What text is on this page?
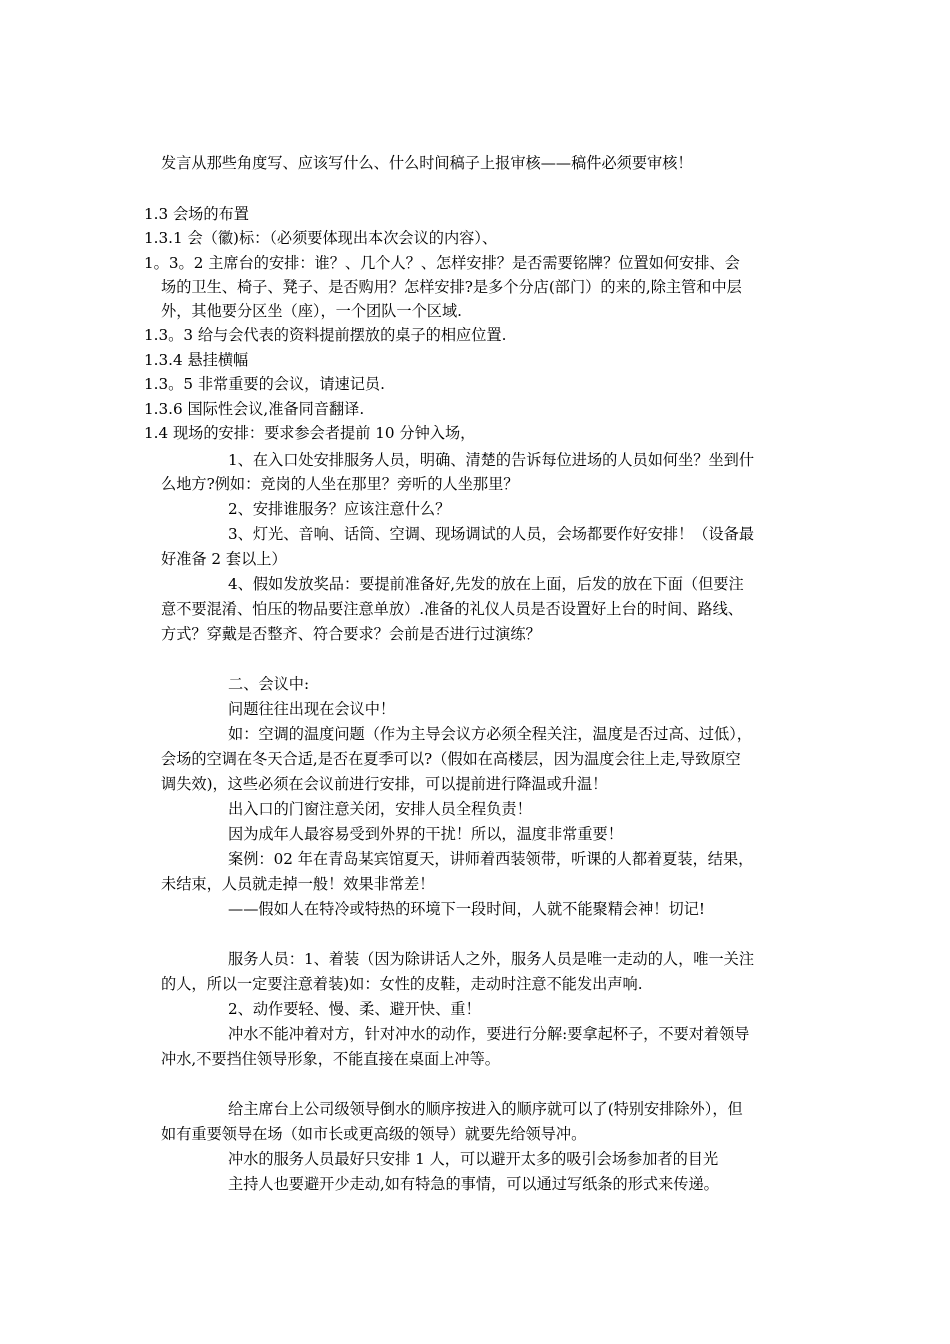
发言从那些角度写、应该写什么、什么时间稿子上报审核——稿件必须要审核！
1.3 会场的布置
1.3.1 会（徽)标：（必须要体现出本次会议的内容）、
1。3。2 主席台的安排：谁？、几个人？、怎样安排？是否需要铭牌？位置如何安排、会
场的卫生、椅子、凳子、是否购用？怎样安排?是多个分店(部门）的来的,除主管和中层
外，其他要分区坐（座），一个团队一个区域.
1.3。3 给与会代表的资料提前摆放的桌子的相应位置.
1.3.4 悬挂横幅
1.3。5 非常重要的会议，请速记员.
1.3.6 国际性会议,准备同音翻译.
1.4 现场的安排：要求参会者提前 10 分钟入场，
1、在入口处安排服务人员，明确、清楚的告诉每位进场的人员如何坐？坐到什
么地方?例如：竞岗的人坐在那里？旁听的人坐那里？
2、安排谁服务？应该注意什么？
3、灯光、音响、话筒、空调、现场调试的人员，会场都要作好安排！（设备最
好准备 2 套以上）
4、假如发放奖品：要提前准备好,先发的放在上面，后发的放在下面（但要注
意不要混淆、怕压的物品要注意单放）.准备的礼仪人员是否设置好上台的时间、路线、
方式？穿戴是否整齐、符合要求？会前是否进行过演练？
二、会议中:
问题往往出现在会议中！
如：空调的温度问题（作为主导会议方必须全程关注，温度是否过高、过低），
会场的空调在冬天合适,是否在夏季可以?（假如在高楼层，因为温度会往上走,导致原空
调失效)，这些必须在会议前进行安排，可以提前进行降温或升温！
出入口的门窗注意关闭，安排人员全程负责！
因为成年人最容易受到外界的干扰！所以，温度非常重要！
案例：02 年在青岛某宾馆夏天，讲师着西装领带，听课的人都着夏装，结果，
未结束，人员就走掉一般！效果非常差！
——假如人在特冷或特热的环境下一段时间，人就不能聚精会神！切记!
服务人员：1、着装（因为除讲话人之外，服务人员是唯一走动的人，唯一关注
的人，所以一定要注意着装)如：女性的皮鞋，走动时注意不能发出声响.
2、动作要轻、慢、柔、避开快、重！
冲水不能冲着对方，针对冲水的动作，要进行分解:要拿起杯子，不要对着领导
冲水,不要挡住领导形象，不能直接在桌面上冲等。
给主席台上公司级领导倒水的顺序按进入的顺序就可以了(特别安排除外），但
如有重要领导在场（如市长或更高级的领导）就要先给领导冲。
冲水的服务人员最好只安排 1 人，可以避开太多的吸引会场参加者的目光
主持人也要避开少走动,如有特急的事情，可以通过写纸条的形式来传递。
